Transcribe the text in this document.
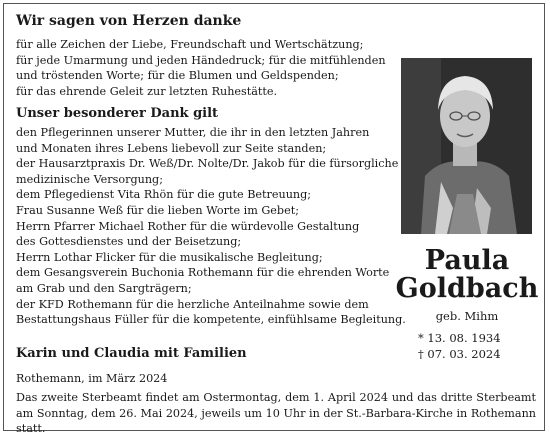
Wir sagen von Herzen danke
für alle Zeichen der Liebe, Freundschaft und Wertschätzung;
für jede Umarmung und jeden Händedruck; für die mitfühlenden
und tröstenden Worte; für die Blumen und Geldspenden;
für das ehrende Geleit zur letzten Ruhestätte.
Unser besonderer Dank gilt
den Pflegerinnen unserer Mutter, die ihr in den letzten Jahren
und Monaten ihres Lebens liebevoll zur Seite standen;
der Hausarztpraxis Dr. Weß/Dr. Nolte/Dr. Jakob für die fürsorgliche
medizinische Versorgung;
dem Pflegedienst Vita Rhön für die gute Betreuung;
Frau Susanne Weß für die lieben Worte im Gebet;
Herrn Pfarrer Michael Rother für die würdevolle Gestaltung
des Gottesdienstes und der Beisetzung;
Herrn Lothar Flicker für die musikalische Begleitung;
dem Gesangsverein Buchonia Rothemann für die ehrenden Worte
am Grab und den Sargträgern;
der KFD Rothemann für die herzliche Anteilnahme sowie dem
Bestattungshaus Füller für die kompetente, einfühlsame Begleitung.
Karin und Claudia mit Familien
Rothemann, im März 2024
Das zweite Sterbeamt findet am Ostermontag, dem 1. April 2024 und das dritte Sterbeamt am Sonntag, dem 26. Mai 2024, jeweils um 10 Uhr in der St.-Barbara-Kirche in Rothemann statt.
Paula
Goldbach
geb. Mihm
* 13. 08. 1934
† 07. 03. 2024
